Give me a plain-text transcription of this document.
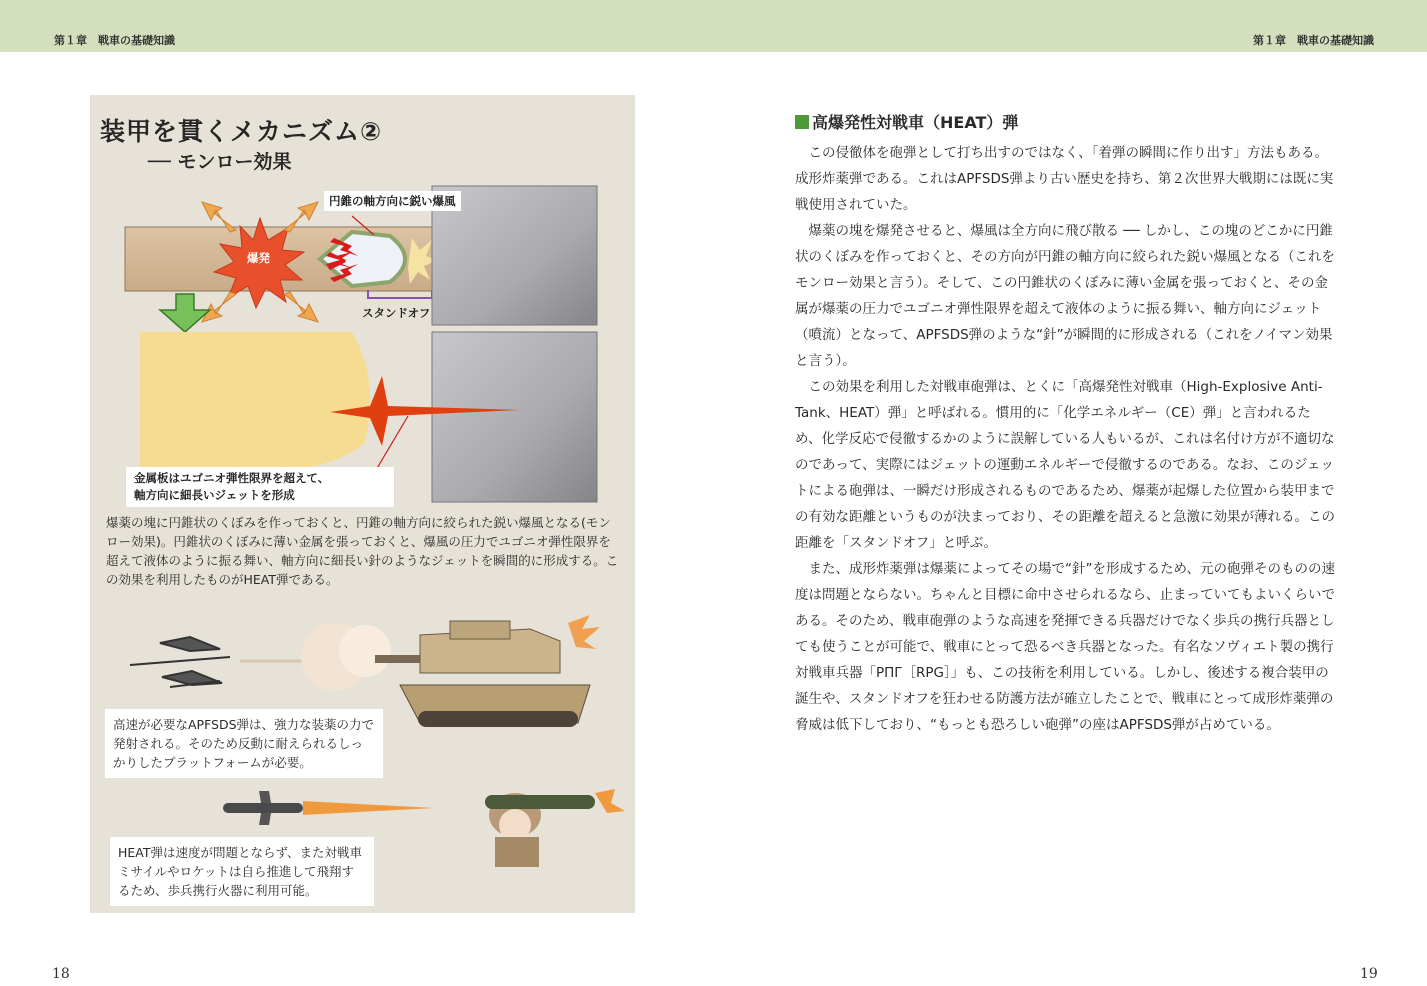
第１章　戦車の基礎知識	第１章　戦車の基礎知識
装甲を貫くメカニズム②
── モンロー効果
円錐の軸方向に鋭い爆風
爆発
スタンドオフ
金属板はユゴニオ弾性限界を超えて、
軸方向に細長いジェットを形成
爆薬の塊に円錐状のくぼみを作っておくと、円錐の軸方向に絞られた鋭い爆風となる(モンロー効果)。円錐状のくぼみに薄い金属を張っておくと、爆風の圧力でユゴニオ弾性限界を超えて液体のように振る舞い、軸方向に細長い針のようなジェットを瞬間的に形成する。この効果を利用したものがHEAT弾である。
高速が必要なAPFSDS弾は、強力な装薬の力で発射される。そのため反動に耐えられるしっかりしたプラットフォームが必要。
HEAT弾は速度が問題とならず、また対戦車ミサイルやロケットは自ら推進して飛翔するため、歩兵携行火器に利用可能。
高爆発性対戦車（HEAT）弾

この侵徹体を砲弾として打ち出すのではなく、「着弾の瞬間に作り出す」方法もある。成形炸薬弾である。これはAPFSDS弾より古い歴史を持ち、第２次世界大戦期には既に実戦使用されていた。

爆薬の塊を爆発させると、爆風は全方向に飛び散る ── しかし、この塊のどこかに円錐状のくぼみを作っておくと、その方向が円錐の軸方向に絞られた鋭い爆風となる（これをモンロー効果と言う）。そして、この円錐状のくぼみに薄い金属を張っておくと、その金属が爆薬の圧力でユゴニオ弾性限界を超えて液体のように振る舞い、軸方向にジェット（噴流）となって、APFSDS弾のような“針”が瞬間的に形成される（これをノイマン効果と言う）。

この効果を利用した対戦車砲弾は、とくに「高爆発性対戦車（High-Explosive Anti-Tank、HEAT）弾」と呼ばれる。慣用的に「化学エネルギー（CE）弾」と言われるため、化学反応で侵徹するかのように誤解している人もいるが、これは名付け方が不適切なのであって、実際にはジェットの運動エネルギーで侵徹するのである。なお、このジェットによる砲弾は、一瞬だけ形成されるものであるため、爆薬が起爆した位置から装甲までの有効な距離というものが決まっており、その距離を超えると急激に効果が薄れる。この距離を「スタンドオフ」と呼ぶ。

また、成形炸薬弾は爆薬によってその場で“針”を形成するため、元の砲弾そのものの速度は問題とならない。ちゃんと目標に命中させられるなら、止まっていてもよいくらいである。そのため、戦車砲弾のような高速を発揮できる兵器だけでなく歩兵の携行兵器としても使うことが可能で、戦車にとって恐るべき兵器となった。有名なソヴィエト製の携行対戦車兵器「РПГ［RPG］」も、この技術を利用している。しかし、後述する複合装甲の誕生や、スタンドオフを狂わせる防護方法が確立したことで、戦車にとって成形炸薬弾の脅威は低下しており、“もっとも恐ろしい砲弾”の座はAPFSDS弾が占めている。

18	19
